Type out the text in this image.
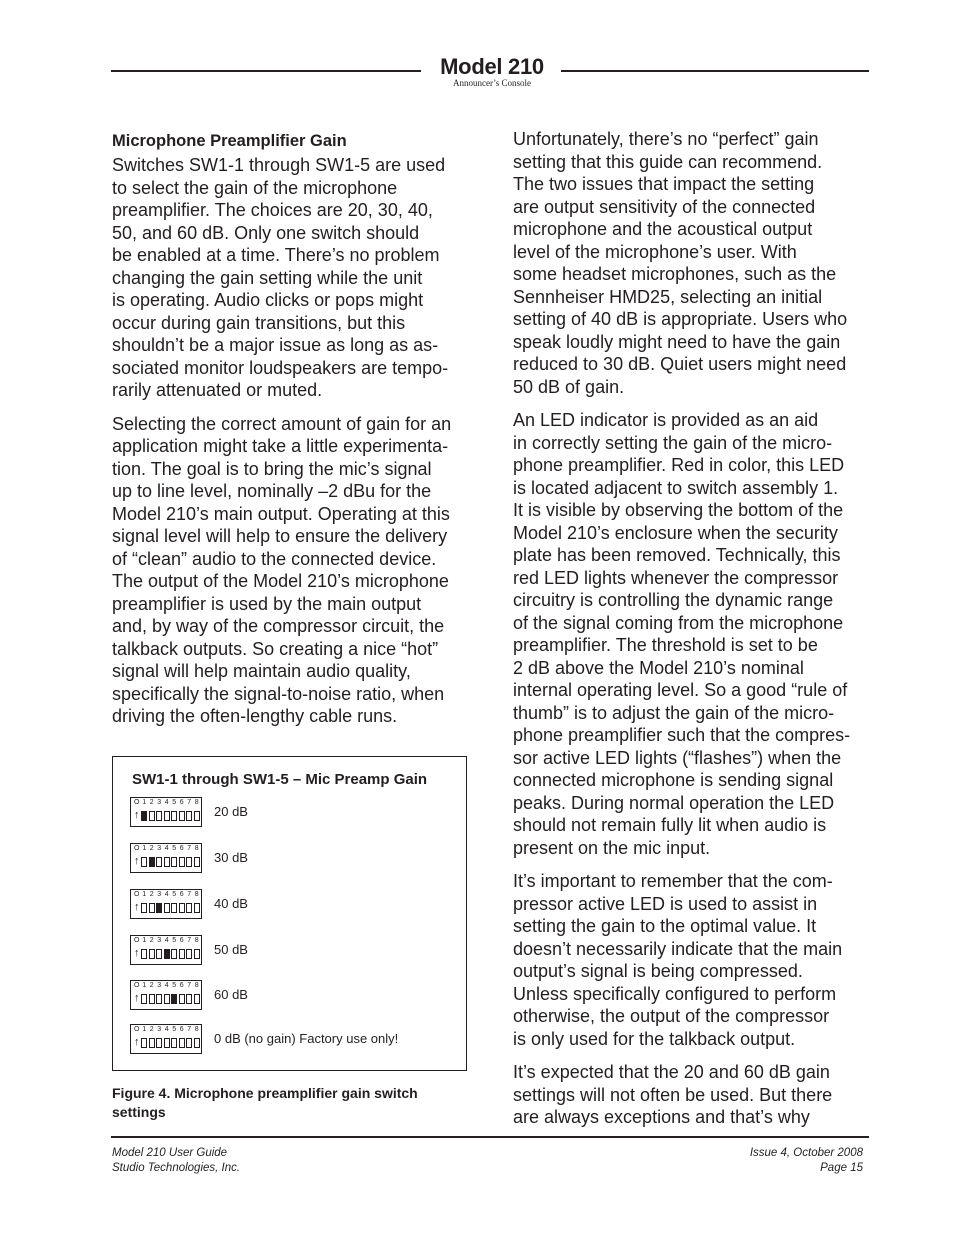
Model 210
Announcer’s Console
Microphone Preamplifier Gain

Switches SW1-1 through SW1-5 are used
to select the gain of the microphone
preamplifier. The choices are 20, 30, 40,
50, and 60 dB. Only one switch should
be enabled at a time. There’s no problem
changing the gain setting while the unit
is operating. Audio clicks or pops might
occur during gain transitions, but this
shouldn’t be a major issue as long as as-
sociated monitor loudspeakers are tempo-
rarily attenuated or muted.

Selecting the correct amount of gain for an
application might take a little experimenta-
tion. The goal is to bring the mic’s signal
up to line level, nominally –2 dBu for the
Model 210’s main output. Operating at this
signal level will help to ensure the delivery
of “clean” audio to the connected device.
The output of the Model 210’s microphone
preamplifier is used by the main output
and, by way of the compressor circuit, the
talkback outputs. So creating a nice “hot”
signal will help maintain audio quality,
specifically the signal-to-noise ratio, when
driving the often-lengthy cable runs.

SW1-1 through SW1-5 – Mic Preamp Gain
O 1 2 3 4 5 6 7 8
↑	20 dB
O 1 2 3 4 5 6 7 8
↑	30 dB
O 1 2 3 4 5 6 7 8
↑	40 dB
O 1 2 3 4 5 6 7 8
↑	50 dB
O 1 2 3 4 5 6 7 8
↑	60 dB
O 1 2 3 4 5 6 7 8
↑	0 dB (no gain) Factory use only!
Figure 4. Microphone preamplifier gain switch
settings

Unfortunately, there’s no “perfect” gain
setting that this guide can recommend.
The two issues that impact the setting
are output sensitivity of the connected
microphone and the acoustical output
level of the microphone’s user. With
some headset microphones, such as the
Sennheiser HMD25, selecting an initial
setting of 40 dB is appropriate. Users who
speak loudly might need to have the gain
reduced to 30 dB. Quiet users might need
50 dB of gain.

An LED indicator is provided as an aid
in correctly setting the gain of the micro-
phone preamplifier. Red in color, this LED
is located adjacent to switch assembly 1.
It is visible by observing the bottom of the
Model 210’s enclosure when the security
plate has been removed. Technically, this
red LED lights whenever the compressor
circuitry is controlling the dynamic range
of the signal coming from the microphone
preamplifier. The threshold is set to be
2 dB above the Model 210’s nominal
internal operating level. So a good “rule of
thumb” is to adjust the gain of the micro-
phone preamplifier such that the compres-
sor active LED lights (“flashes”) when the
connected microphone is sending signal
peaks. During normal operation the LED
should not remain fully lit when audio is
present on the mic input.

It’s important to remember that the com-
pressor active LED is used to assist in
setting the gain to the optimal value. It
doesn’t necessarily indicate that the main
output’s signal is being compressed.
Unless specifically configured to perform
otherwise, the output of the compressor
is only used for the talkback output.

It’s expected that the 20 and 60 dB gain
settings will not often be used. But there
are always exceptions and that’s why

Model 210 User Guide
Studio Technologies, Inc.
Issue 4, October 2008
Page 15
